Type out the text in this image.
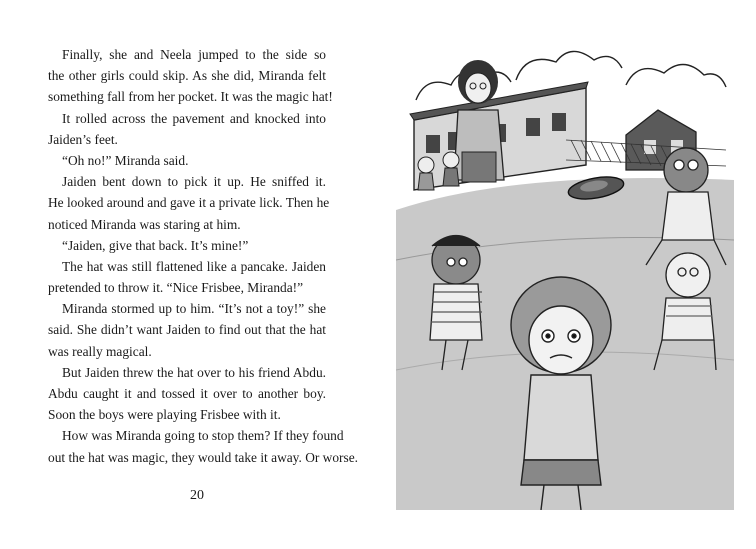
Finally, she and Neela jumped to the side so
the other girls could skip. As she did, Miranda felt
something fall from her pocket. It was the magic hat!
It rolled across the pavement and knocked into
Jaiden’s feet.
“Oh no!” Miranda said.
Jaiden bent down to pick it up. He sniffed it.
He looked around and gave it a private lick. Then he
noticed Miranda was staring at him.
“Jaiden, give that back. It’s mine!”
The hat was still flattened like a pancake. Jaiden
pretended to throw it. “Nice Frisbee, Miranda!”
Miranda stormed up to him. “It’s not a toy!” she
said. She didn’t want Jaiden to find out that the hat
was really magical.
But Jaiden threw the hat over to his friend Abdu.
Abdu caught it and tossed it over to another boy.
Soon the boys were playing Frisbee with it.
How was Miranda going to stop them? If they found
out the hat was magic, they would take it away. Or worse.
20
